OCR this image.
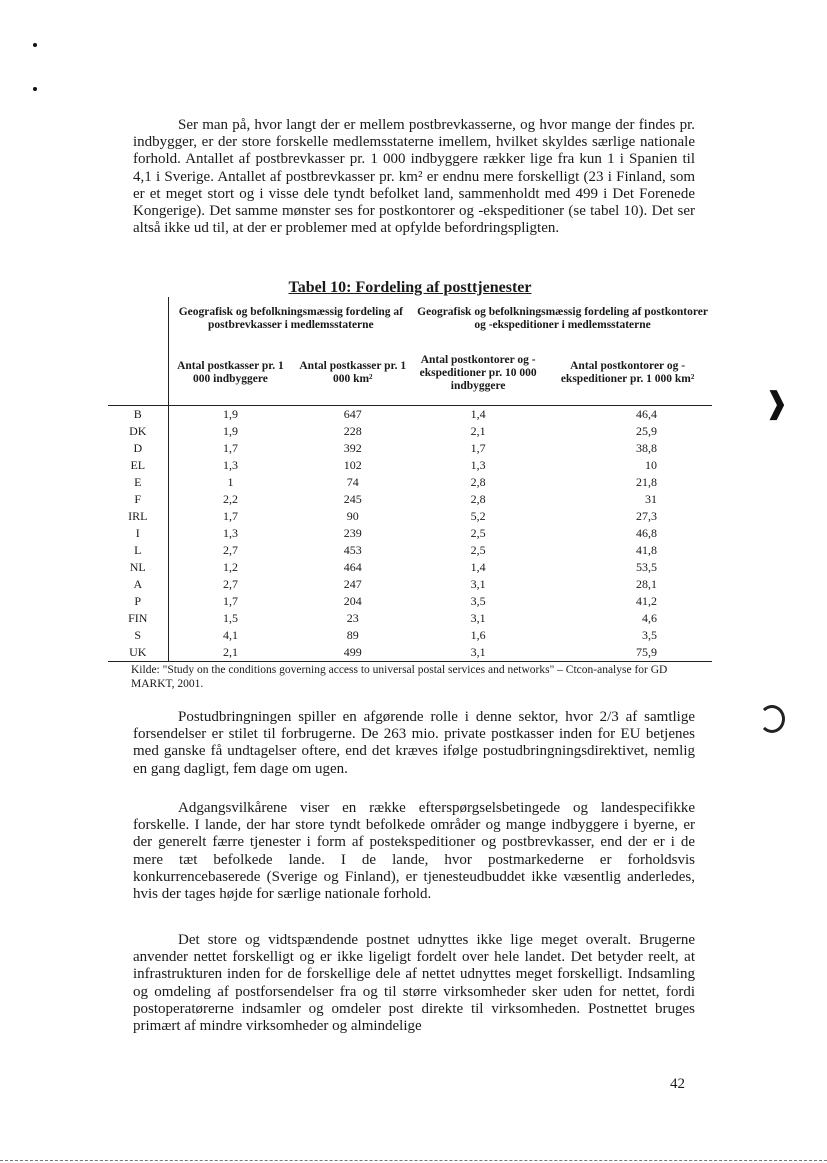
❱

Ser man på, hvor langt der er mellem postbrevkasserne, og hvor mange der findes pr. indbygger, er der store forskelle medlemsstaterne imellem, hvilket skyldes særlige nationale forhold. Antallet af postbrevkasser pr. 1 000 indbyggere rækker lige fra kun 1 i Spanien til 4,1 i Sverige. Antallet af postbrevkasser pr. km² er endnu mere forskelligt (23 i Finland, som er et meget stort og i visse dele tyndt befolket land, sammenholdt med 499 i Det Forenede Kongerige). Det samme mønster ses for postkontorer og -ekspeditioner (se tabel 10). Det ser altså ikke ud til, at der er problemer med at opfylde befordringspligten.

Tabel 10: Fordeling af posttjenester
	Geografisk og befolkningsmæssig fordeling af postbrevkasser i medlemsstaterne		Geografisk og befolkningsmæssig fordeling af postkontorer og -ekspeditioner i medlemsstaterne	
	Antal postkasser pr. 1 000 indbyggere	Antal postkasser pr. 1 000 km²	Antal postkontorer og -ekspeditioner pr. 10 000 indbyggere	Antal postkontorer og -ekspeditioner pr. 1 000 km²
B	1,9	647	1,4	46,4
DK	1,9	228	2,1	25,9
D	1,7	392	1,7	38,8
EL	1,3	102	1,3	10
E	1	74	2,8	21,8
F	2,2	245	2,8	31
IRL	1,7	90	5,2	27,3
I	1,3	239	2,5	46,8
L	2,7	453	2,5	41,8
NL	1,2	464	1,4	53,5
A	2,7	247	3,1	28,1
P	1,7	204	3,5	41,2
FIN	1,5	23	3,1	4,6
S	4,1	89	1,6	3,5
UK	2,1	499	3,1	75,9

Kilde: "Study on the conditions governing access to universal postal services and networks" – Ctcon-analyse for GD MARKT, 2001.

Postudbringningen spiller en afgørende rolle i denne sektor, hvor 2/3 af samtlige forsendelser er stilet til forbrugerne. De 263 mio. private postkasser inden for EU betjenes med ganske få undtagelser oftere, end det kræves ifølge postudbringningsdirektivet, nemlig en gang dagligt, fem dage om ugen.

Adgangsvilkårene viser en række efterspørgselsbetingede og landespecifikke forskelle. I lande, der har store tyndt befolkede områder og mange indbyggere i byerne, er der generelt færre tjenester i form af postekspeditioner og postbrevkasser, end der er i de mere tæt befolkede lande. I de lande, hvor postmarkederne er forholdsvis konkurrencebaserede (Sverige og Finland), er tjenesteudbuddet ikke væsentlig anderledes, hvis der tages højde for særlige nationale forhold.

Det store og vidtspændende postnet udnyttes ikke lige meget overalt. Brugerne anvender nettet forskelligt og er ikke ligeligt fordelt over hele landet. Det betyder reelt, at infrastrukturen inden for de forskellige dele af nettet udnyttes meget forskelligt. Indsamling og omdeling af postforsendelser fra og til større virksomheder sker uden for nettet, fordi postoperatørerne indsamler og omdeler post direkte til virksomheden. Postnettet bruges primært af mindre virksomheder og almindelige

42
